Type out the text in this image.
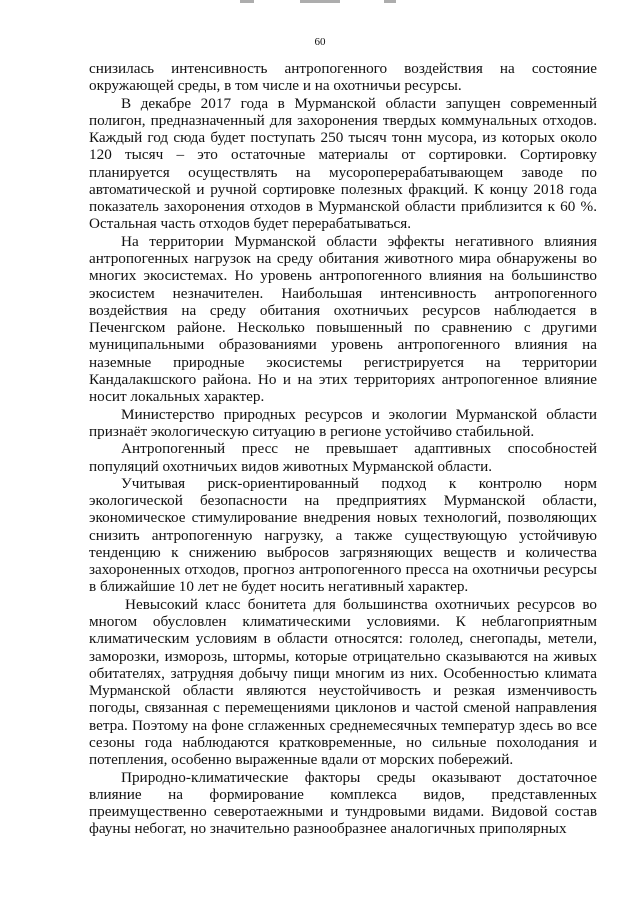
60

снизилась интенсивность антропогенного воздействия на состояние окружающей среды, в том числе и на охотничьи ресурсы.

В декабре 2017 года в Мурманской области запущен современный полигон, предназначенный для захоронения твердых коммунальных отходов. Каждый год сюда будет поступать 250 тысяч тонн мусора, из которых около 120 тысяч – это остаточные материалы от сортировки. Сортировку планируется осуществлять на мусороперерабатывающем заводе по автоматической и ручной сортировке полезных фракций. К концу 2018 года показатель захоронения отходов в Мурманской области приблизится к 60 %. Остальная часть отходов будет перерабатываться.

На территории Мурманской области эффекты негативного влияния антропогенных нагрузок на среду обитания животного мира обнаружены во многих экосистемах. Но уровень антропогенного влияния на большинство экосистем незначителен. Наибольшая интенсивность антропогенного воздействия на среду обитания охотничьих ресурсов наблюдается в Печенгском районе. Несколько повышенный по сравнению с другими муниципальными образованиями уровень антропогенного влияния на наземные природные экосистемы регистрируется на территории Кандалакшского района. Но и на этих территориях антропогенное влияние носит локальных характер.

Министерство природных ресурсов и экологии Мурманской области признаёт экологическую ситуацию в регионе устойчиво стабильной.

Антропогенный пресс не превышает адаптивных способностей популяций охотничьих видов животных Мурманской области.

Учитывая риск-ориентированный подход к контролю норм экологической безопасности на предприятиях Мурманской области, экономическое стимулирование внедрения новых технологий, позволяющих снизить антропогенную нагрузку, а также существующую устойчивую тенденцию к снижению выбросов загрязняющих веществ и количества захороненных отходов, прогноз антропогенного пресса на охотничьи ресурсы в ближайшие 10 лет не будет носить негативный характер.

Невысокий класс бонитета для большинства охотничьих ресурсов во многом обусловлен климатическими условиями. К неблагоприятным климатическим условиям в области относятся: гололед, снегопады, метели, заморозки, изморозь, штормы, которые отрицательно сказываются на живых обитателях, затрудняя добычу пищи многим из них. Особенностью климата Мурманской области являются неустойчивость и резкая изменчивость погоды, связанная с перемещениями циклонов и частой сменой направления ветра. Поэтому на фоне сглаженных среднемесячных температур здесь во все сезоны года наблюдаются кратковременные, но сильные похолодания и потепления, особенно выраженные вдали от морских побережий.

Природно-климатические факторы среды оказывают достаточное влияние на формирование комплекса видов, представленных преимущественно северотаежными и тундровыми видами. Видовой состав фауны небогат, но значительно разнообразнее аналогичных приполярных
